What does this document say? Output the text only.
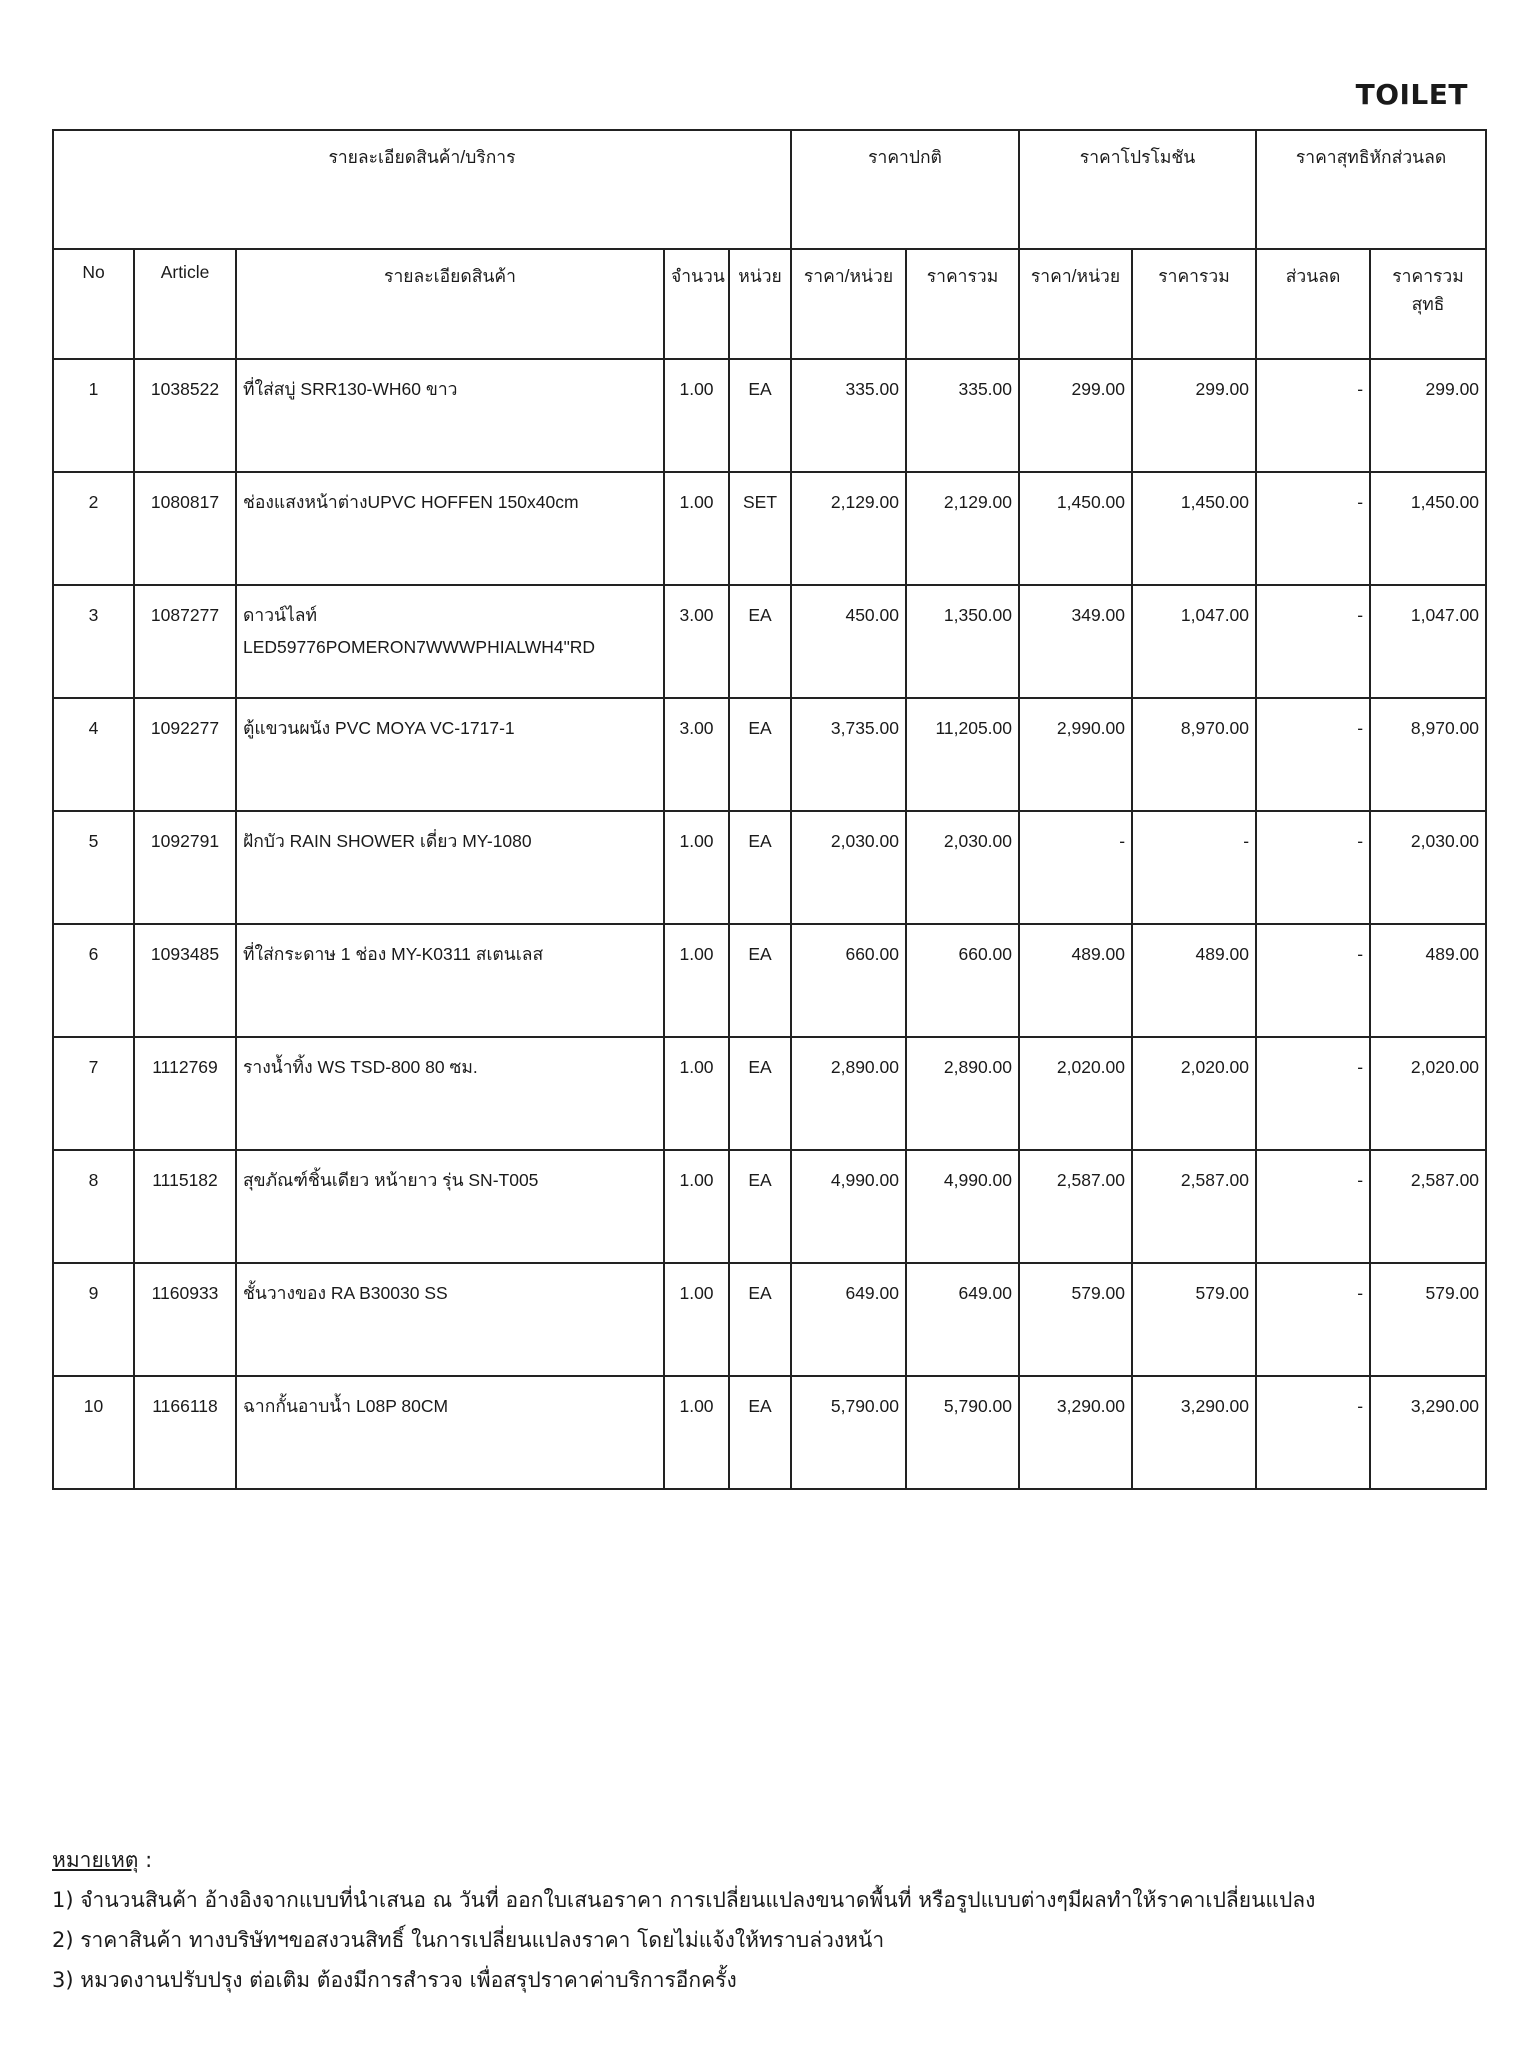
TOILET
รายละเอียดสินค้า/บริการ					ราคาปกติ		ราคาโปรโมชัน		ราคาสุทธิหักส่วนลด	
No	Article	รายละเอียดสินค้า	จำนวน	หน่วย	ราคา/หน่วย	ราคารวม	ราคา/หน่วย	ราคารวม	ส่วนลด	ราคารวมสุทธิ
1	1038522	ที่ใส่สบู่ SRR130-WH60 ขาว	1.00	EA	335.00	335.00	299.00	299.00	-	299.00
2	1080817	ช่องแสงหน้าต่างUPVC HOFFEN 150x40cm	1.00	SET	2,129.00	2,129.00	1,450.00	1,450.00	-	1,450.00
3	1087277	ดาวน์ไลท์
LED59776POMERON7WWWPHIALWH4"RD	3.00	EA	450.00	1,350.00	349.00	1,047.00	-	1,047.00
4	1092277	ตู้แขวนผนัง PVC MOYA VC-1717-1	3.00	EA	3,735.00	11,205.00	2,990.00	8,970.00	-	8,970.00
5	1092791	ฝักบัว RAIN SHOWER เดี่ยว MY-1080	1.00	EA	2,030.00	2,030.00	-	-	-	2,030.00
6	1093485	ที่ใส่กระดาษ 1 ช่อง MY-K0311 สเตนเลส	1.00	EA	660.00	660.00	489.00	489.00	-	489.00
7	1112769	รางน้ำทิ้ง WS TSD-800 80 ซม.	1.00	EA	2,890.00	2,890.00	2,020.00	2,020.00	-	2,020.00
8	1115182	สุขภัณฑ์ชิ้นเดียว หน้ายาว รุ่น SN-T005	1.00	EA	4,990.00	4,990.00	2,587.00	2,587.00	-	2,587.00
9	1160933	ชั้นวางของ RA B30030 SS	1.00	EA	649.00	649.00	579.00	579.00	-	579.00
10	1166118	ฉากกั้นอาบน้ำ L08P 80CM	1.00	EA	5,790.00	5,790.00	3,290.00	3,290.00	-	3,290.00
หมายเหตุ :
1) จำนวนสินค้า อ้างอิงจากแบบที่นำเสนอ ณ วันที่ ออกใบเสนอราคา การเปลี่ยนแปลงขนาดพื้นที่ หรือรูปแบบต่างๆมีผลทำให้ราคาเปลี่ยนแปลง
2) ราคาสินค้า ทางบริษัทฯขอสงวนสิทธิ์ ในการเปลี่ยนแปลงราคา โดยไม่แจ้งให้ทราบล่วงหน้า
3) หมวดงานปรับปรุง ต่อเติม ต้องมีการสำรวจ เพื่อสรุปราคาค่าบริการอีกครั้ง
